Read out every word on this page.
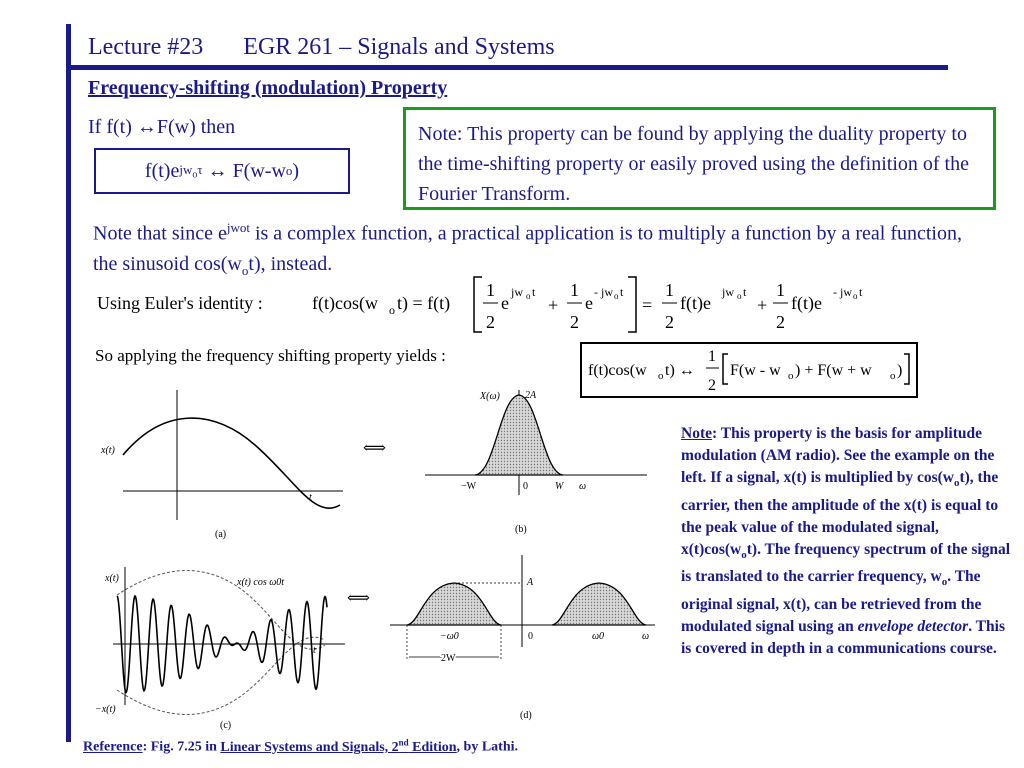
Lecture #23 EGR 261 – Signals and Systems
Frequency-shifting (modulation) Property
If f(t) ↔F(w) then
f(t)e $jw_o\tau$ ↔ F(w-w o )
Note: This property can be found by applying the duality property to the time-shifting property or easily proved using the definition of the Fourier Transform.
Note that since $e^{jwot}$ is a complex function, a practical application is to multiply a function by a real function, the sinusoid $\cos(w_ot)$, instead.
Using Euler's identity :	f(t)cos(w o t) = f(t)
1
2
e
jw o t
+
1
2
e
- jw o t
=
1
2
f(t)e
jw o t
+
1
2
f(t)e
- jw o t
So applying the frequency shifting property yields :
f(t)cos(w o t) ↔
1
2
F(w - w o ) + F(w + w o )
x(t)
t
(a)
⟺
X(ω)	2A
−W	0	W ω
(b)
x(t)	x(t) cos ω0t
t
−x(t)
(c)
⟺
A
−ω0	0	ω0	ω
2W
(d)
Note: This property is the basis for amplitude modulation (AM radio). See the example on the left. If a signal, x(t) is multiplied by $\cos(w_ot)$, the carrier, then the amplitude of the x(t) is equal to the peak value of the modulated signal, $x(t)\cos(w_ot)$. The frequency spectrum of the signal is translated to the carrier frequency, $w_o$. The original signal, x(t), can be retrieved from the modulated signal using an envelope detector. This is covered in depth in a communications course.
Reference: Fig. 7.25 in Linear Systems and Signals, 2nd Edition, by Lathi.
